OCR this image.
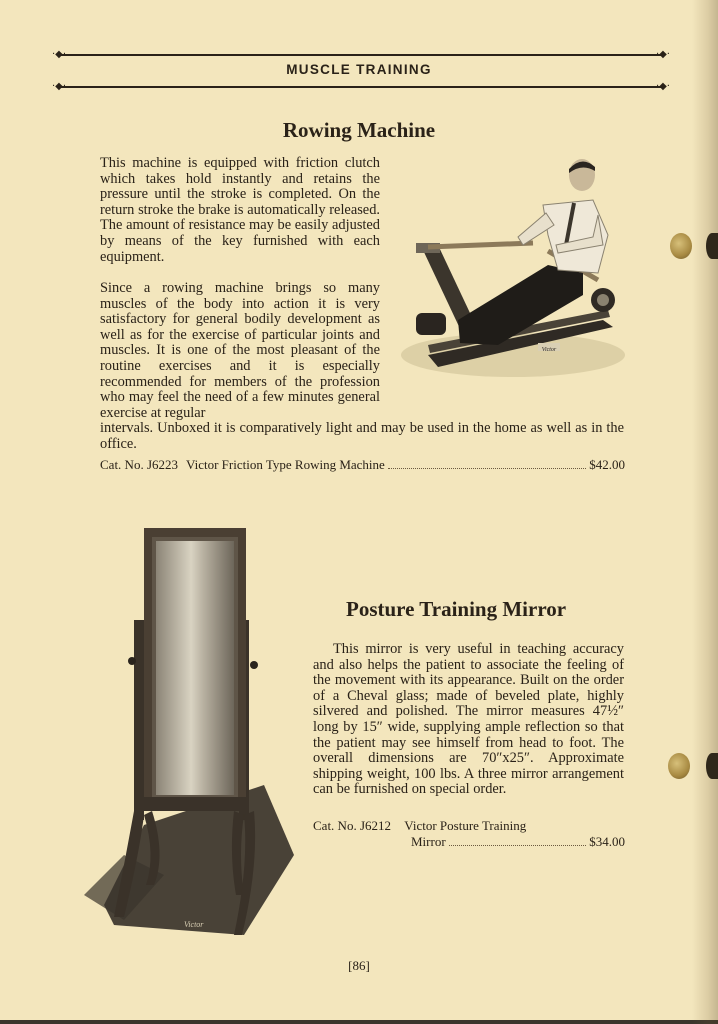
·◆·	·◆·
MUSCLE TRAINING
·◆·	·◆·
Rowing Machine

This machine is equipped with friction clutch which takes hold instantly and retains the pressure until the stroke is completed. On the return stroke the brake is automatically released. The amount of resistance may be easily adjusted by means of the key furnished with each equipment.

Since a rowing machine brings so many muscles of the body into action it is very satisfactory for general bodily development as well as for the exercise of particular joints and muscles. It is one of the most pleasant of the routine exercises and it is especially recommended for members of the profession who may feel the need of a few minutes general exercise at regular

intervals. Unboxed it is comparatively light and may be used in the home as well as in the office.

Victor
Cat. No. J6223 Victor Friction Type Rowing Machine	$42.00
Victor
Posture Training Mirror

This mirror is very useful in teaching accuracy and also helps the patient to associate the feeling of the movement with its appearance. Built on the order of a Cheval glass; made of beveled plate, highly silvered and polished. The mirror measures 47½″ long by 15″ wide, supplying ample reflection so that the patient may see himself from head to foot. The overall dimensions are 70″x25″. Approximate shipping weight, 100 lbs. A three mirror arrangement can be furnished on special order.

Cat. No. J6212 Victor Posture Training
Mirror	$34.00
[86]
